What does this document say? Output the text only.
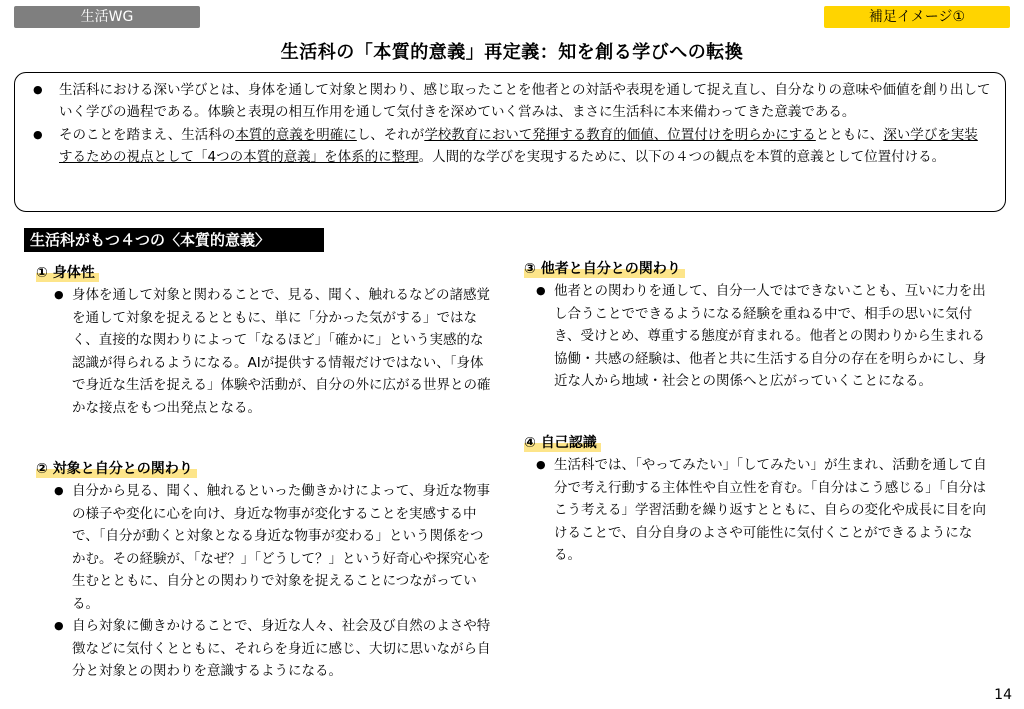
生活WG	補足イメージ①
生活科の「本質的意義」再定義：知を創る学びへの転換
● 生活科における深い学びとは、身体を通して対象と関わり、感じ取ったことを他者との対話や表現を通して捉え直し、自分なりの意味や価値を創り出していく学びの過程である。体験と表現の相互作用を通して気付きを深めていく営みは、まさに生活科に本来備わってきた意義である。
● そのことを踏まえ、生活科の本質的意義を明確にし、それが学校教育において発揮する教育的価値、位置付けを明らかにするとともに、深い学びを実装するための視点として「4つの本質的意義」を体系的に整理。人間的な学びを実現するために、以下の４つの観点を本質的意義として位置付ける。
生活科がもつ４つの〈本質的意義〉
① 身体性
● 身体を通して対象と関わることで、見る、聞く、触れるなどの諸感覚を通して対象を捉えるとともに、単に「分かった気がする」ではなく、直接的な関わりによって「なるほど」「確かに」という実感的な認識が得られるようになる。AIが提供する情報だけではない、「身体で身近な生活を捉える」体験や活動が、自分の外に広がる世界との確かな接点をもつ出発点となる。
② 対象と自分との関わり
● 自分から見る、聞く、触れるといった働きかけによって、身近な物事の様子や変化に心を向け、身近な物事が変化することを実感する中で、「自分が動くと対象となる身近な物事が変わる」という関係をつかむ。その経験が、「なぜ？」「どうして？」という好奇心や探究心を生むとともに、自分との関わりで対象を捉えることにつながっている。
● 自ら対象に働きかけることで、身近な人々、社会及び自然のよさや特徴などに気付くとともに、それらを身近に感じ、大切に思いながら自分と対象との関わりを意識するようになる。
③ 他者と自分との関わり
● 他者との関わりを通して、自分一人ではできないことも、互いに力を出し合うことでできるようになる経験を重ねる中で、相手の思いに気付き、受けとめ、尊重する態度が育まれる。他者との関わりから生まれる協働・共感の経験は、他者と共に生活する自分の存在を明らかにし、身近な人から地域・社会との関係へと広がっていくことになる。
④ 自己認識
● 生活科では、「やってみたい」「してみたい」が生まれ、活動を通して自分で考え行動する主体性や自立性を育む。「自分はこう感じる」「自分はこう考える」学習活動を繰り返すとともに、自らの変化や成長に目を向けることで、自分自身のよさや可能性に気付くことができるようになる。
14
